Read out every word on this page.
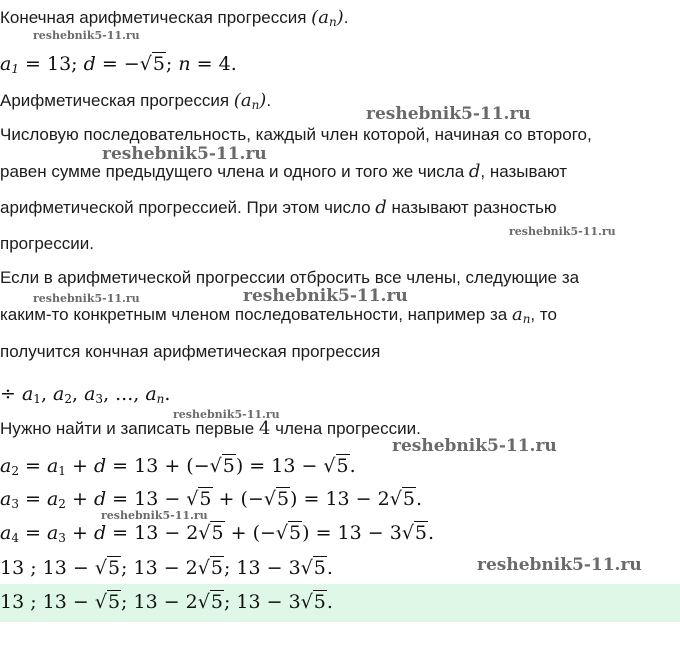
Конечная арифметическая прогрессия $(a_n)$.
$a_1 = 13$; d = −√5; n = 4.
Арифметическая прогрессия $(a_n)$.
Числовую последовательность, каждый член которой, начиная со второго,
равен сумме предыдущего члена и одного и того же числа d, называют
арифметической прогрессией. При этом число d называют разностью
прогрессии.
Если в арифметической прогрессии отбросить все члены, следующие за
каким-то конкретным членом последовательности, например за $a_n$, то
получится кончная арифметическая прогрессия
÷ $a_1$, $a_2$, $a_3$, ..., $a_n$.
Нужно найти и записать первые 4 члена прогрессии.
$a_2 = a_1 + d = 13 + (-√5) = 13 - √5$.
$a_3 = a_2 + d = 13 - √5 + (-√5) = 13 - 2√5$.
$a_4 = a_3 + d = 13 - 2√5 + (-√5) = 13 - 3√5$.
13 ; 13 − √5; 13 − 2√5; 13 − 3√5.
13 ; 13 − √5; 13 − 2√5; 13 − 3√5.
reshebnik5-11.ru
reshebnik5-11.ru
reshebnik5-11.ru
reshebnik5-11.ru
reshebnik5-11.ru	reshebnik5-11.ru
reshebnik5-11.ru
reshebnik5-11.ru
reshebnik5-11.ru
reshebnik5-11.ru
